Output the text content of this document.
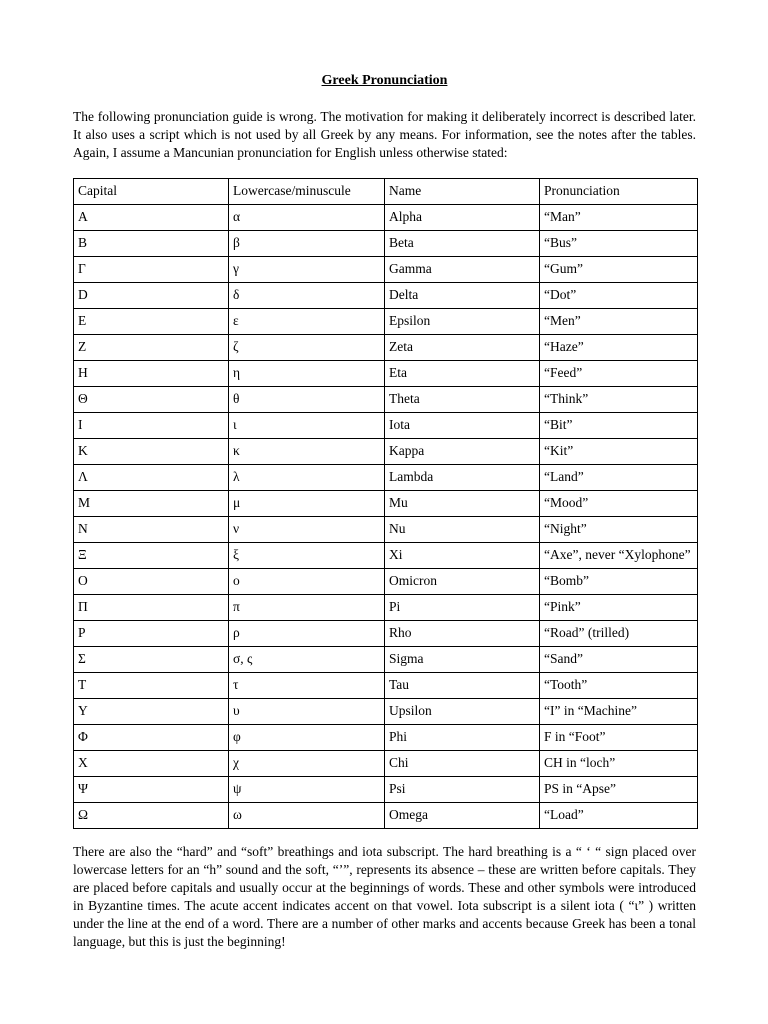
Greek Pronunciation

The following pronunciation guide is wrong. The motivation for making it deliberately incorrect is described later. It also uses a script which is not used by all Greek by any means. For information, see the notes after the tables. Again, I assume a Mancunian pronunciation for English unless otherwise stated:

Capital	Lowercase/minuscule	Name	Pronunciation
Α	α	Alpha	“Man”
Β	β	Beta	“Bus”
Γ	γ	Gamma	“Gum”
D	δ	Delta	“Dot”
Ε	ε	Epsilon	“Men”
Ζ	ζ	Zeta	“Haze”
Η	η	Eta	“Feed”
Θ	θ	Theta	“Think”
Ι	ι	Iota	“Bit”
Κ	κ	Kappa	“Kit”
Λ	λ	Lambda	“Land”
Μ	μ	Mu	“Mood”
Ν	ν	Nu	“Night”
Ξ	ξ	Xi	“Axe”, never “Xylophone”
Ο	ο	Omicron	“Bomb”
Π	π	Pi	“Pink”
Ρ	ρ	Rho	“Road” (trilled)
Σ	σ, ς	Sigma	“Sand”
Τ	τ	Tau	“Tooth”
Υ	υ	Upsilon	“I” in “Machine”
Φ	φ	Phi	F in “Foot”
Χ	χ	Chi	CH in “loch”
Ψ	ψ	Psi	PS in “Apse”
Ω	ω	Omega	“Load”

There are also the “hard” and “soft” breathings and iota subscript. The hard breathing is a “ ‘ “ sign placed over lowercase letters for an “h” sound and the soft, “’”, represents its absence – these are written before capitals. They are placed before capitals and usually occur at the beginnings of words. These and other symbols were introduced in Byzantine times. The acute accent indicates accent on that vowel. Iota subscript is a silent iota ( “ι” ) written under the line at the end of a word. There are a number of other marks and accents because Greek has been a tonal language, but this is just the beginning!
